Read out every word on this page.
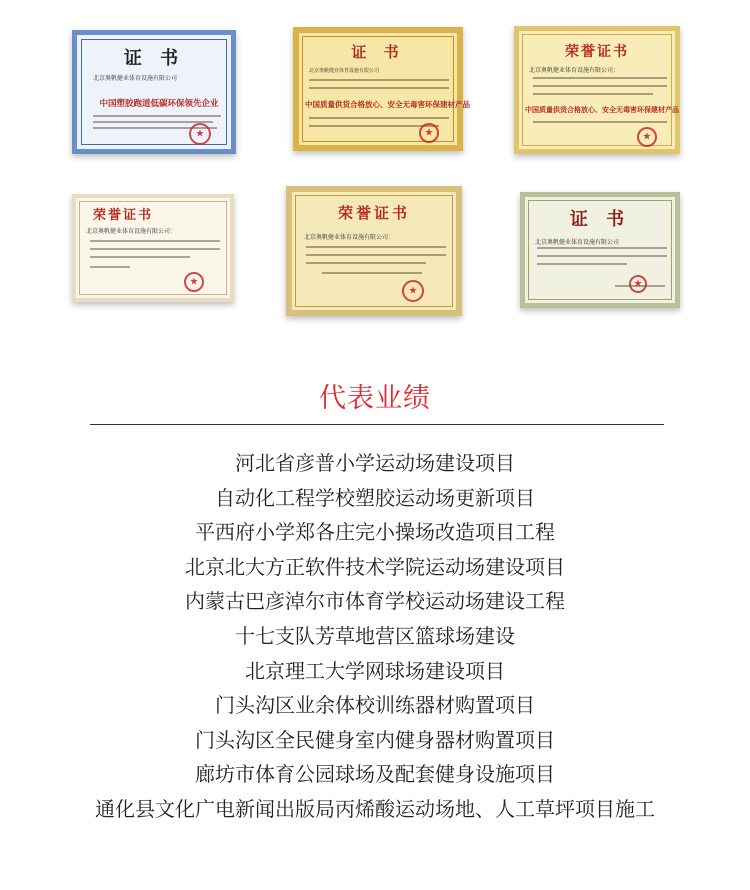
证 书
北京奥帆健业体育设施有限公司
中国塑胶跑道低碳环保领先企业
★
证 书
北京奥帆健业体育设施有限公司
中国质量供货合格放心、安全无毒害环保建材产品
★
荣誉证书
北京奥帆健业体育设施有限公司：
中国质量供货合格放心、安全无毒害环保建材产品
★
荣誉证书
北京奥帆健业体育设施有限公司：
★
荣誉证书
北京奥帆健业体育设施有限公司：
★
证 书
北京奥帆健业体育设施有限公司
★
代表业绩
河北省彦普小学运动场建设项目
自动化工程学校塑胶运动场更新项目
平西府小学郑各庄完小操场改造项目工程
北京北大方正软件技术学院运动场建设项目
内蒙古巴彦淖尔市体育学校运动场建设工程
十七支队芳草地营区篮球场建设
北京理工大学网球场建设项目
门头沟区业余体校训练器材购置项目
门头沟区全民健身室内健身器材购置项目
廊坊市体育公园球场及配套健身设施项目
通化县文化广电新闻出版局丙烯酸运动场地、人工草坪项目施工
